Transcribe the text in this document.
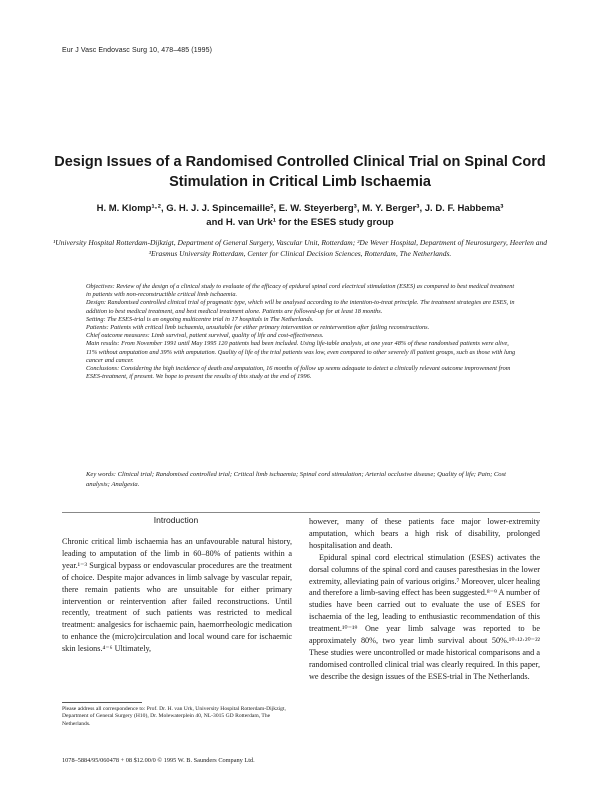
Eur J Vasc Endovasc Surg 10, 478–485 (1995)
Design Issues of a Randomised Controlled Clinical Trial on Spinal Cord Stimulation in Critical Limb Ischaemia
H. M. Klomp¹·², G. H. J. J. Spincemaille², E. W. Steyerberg³, M. Y. Berger³, J. D. F. Habbema³
and H. van Urk¹ for the ESES study group
¹University Hospital Rotterdam-Dijkzigt, Department of General Surgery, Vascular Unit, Rotterdam; ²De Wever Hospital, Department of Neurosurgery, Heerlen and ³Erasmus University Rotterdam, Center for Clinical Decision Sciences, Rotterdam, The Netherlands.

Objectives: Review of the design of a clinical study to evaluate of the efficacy of epidural spinal cord electrical stimulation (ESES) as compared to best medical treatment in patients with non-reconstructible critical limb ischaemia.

Design: Randomised controlled clinical trial of pragmatic type, which will be analysed according to the intention-to-treat principle. The treatment strategies are ESES, in addition to best medical treatment, and best medical treatment alone. Patients are followed-up for at least 18 months.

Setting: The ESES-trial is an ongoing multicentre trial in 17 hospitals in The Netherlands.

Patients: Patients with critical limb ischaemia, unsuitable for either primary intervention or reintervention after failing reconstructions.

Chief outcome measures: Limb survival, patient survival, quality of life and cost-effectiveness.

Main results: From November 1991 until May 1995 120 patients had been included. Using life-table analysis, at one year 48% of these randomised patients were alive, 11% without amputation and 39% with amputation. Quality of life of the trial patients was low, even compared to other severely ill patient groups, such as those with lung cancer and cancer.

Conclusions: Considering the high incidence of death and amputation, 16 months of follow up seems adequate to detect a clinically relevant outcome improvement from ESES-treatment, if present. We hope to present the results of this study at the end of 1996.

Key words: Clinical trial; Randomised controlled trial; Critical limb ischaemia; Spinal cord stimulation; Arterial occlusive disease; Quality of life; Pain; Cost analysis; Analgesia.
Introduction

Chronic critical limb ischaemia has an unfavourable natural history, leading to amputation of the limb in 60–80% of patients within a year.¹⁻³ Surgical bypass or endovascular procedures are the treatment of choice. Despite major advances in limb salvage by vascular repair, there remain patients who are unsuitable for either primary intervention or reintervention after failed reconstructions. Until recently, treatment of such patients was restricted to medical treatment: analgesics for ischaemic pain, haemorrheologic medication to enhance the (micro)circulation and local wound care for ischaemic skin lesions.⁴⁻⁶ Ultimately,

however, many of these patients face major lower-extremity amputation, which bears a high risk of disability, prolonged hospitalisation and death.

Epidural spinal cord electrical stimulation (ESES) activates the dorsal columns of the spinal cord and causes paresthesias in the lower extremity, alleviating pain of various origins.⁷ Moreover, ulcer healing and therefore a limb-saving effect has been suggested.⁸⁻⁹ A number of studies have been carried out to evaluate the use of ESES for ischaemia of the leg, leading to enthusiastic recommendation of this treatment.¹⁰⁻¹⁹ One year limb salvage was reported to be approximately 80%, two year limb survival about 50%.¹⁰·¹²·²⁰⁻²² These studies were uncontrolled or made historical comparisons and a randomised controlled clinical trial was clearly required. In this paper, we describe the design issues of the ESES-trial in The Netherlands.

Please address all correspondence to: Prof. Dr. H. van Urk, University Hospital Rotterdam-Dijkzigt, Department of General Surgery (H10), Dr. Molewaterplein 40, NL-3015 GD Rotterdam, The Netherlands.
1078–5884/95/060478 + 08 $12.00/0 © 1995 W. B. Saunders Company Ltd.
